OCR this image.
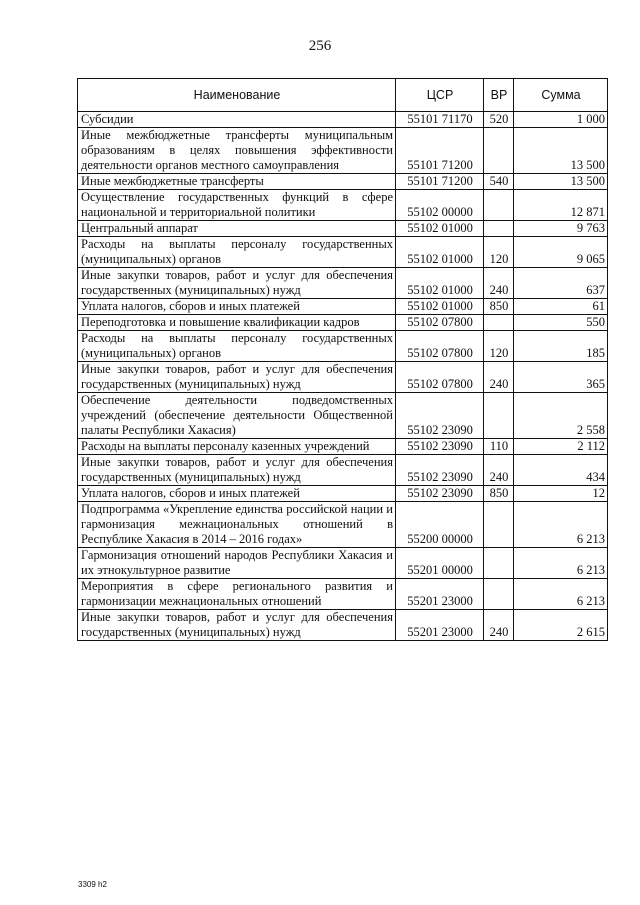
256
Наименование	ЦСР	ВР	Сумма
Субсидии	55101 71170	520	1 000
Иные межбюджетные трансферты муниципальным образованиям в целях повышения эффективности деятельности органов местного самоуправления	55101 71200		13 500
Иные межбюджетные трансферты	55101 71200	540	13 500
Осуществление государственных функций в сфере национальной и территориальной политики	55102 00000		12 871
Центральный аппарат	55102 01000		9 763
Расходы на выплаты персоналу государственных (муниципальных) органов	55102 01000	120	9 065
Иные закупки товаров, работ и услуг для обеспечения государственных (муниципальных) нужд	55102 01000	240	637
Уплата налогов, сборов и иных платежей	55102 01000	850	61
Переподготовка и повышение квалификации кадров	55102 07800		550
Расходы на выплаты персоналу государственных (муниципальных) органов	55102 07800	120	185
Иные закупки товаров, работ и услуг для обеспечения государственных (муниципальных) нужд	55102 07800	240	365
Обеспечение деятельности подведомственных учреждений (обеспечение деятельности Общественной палаты Республики Хакасия)	55102 23090		2 558
Расходы на выплаты персоналу казенных учреждений	55102 23090	110	2 112
Иные закупки товаров, работ и услуг для обеспечения государственных (муниципальных) нужд	55102 23090	240	434
Уплата налогов, сборов и иных платежей	55102 23090	850	12
Подпрограмма «Укрепление единства российской нации и гармонизация межнациональных отношений в Республике Хакасия в 2014 – 2016 годах»	55200 00000		6 213
Гармонизация отношений народов Республики Хакасия и их этнокультурное развитие	55201 00000		6 213
Мероприятия в сфере регионального развития и гармонизации межнациональных отношений	55201 23000		6 213
Иные закупки товаров, работ и услуг для обеспечения государственных (муниципальных) нужд	55201 23000	240	2 615
3309 h2
